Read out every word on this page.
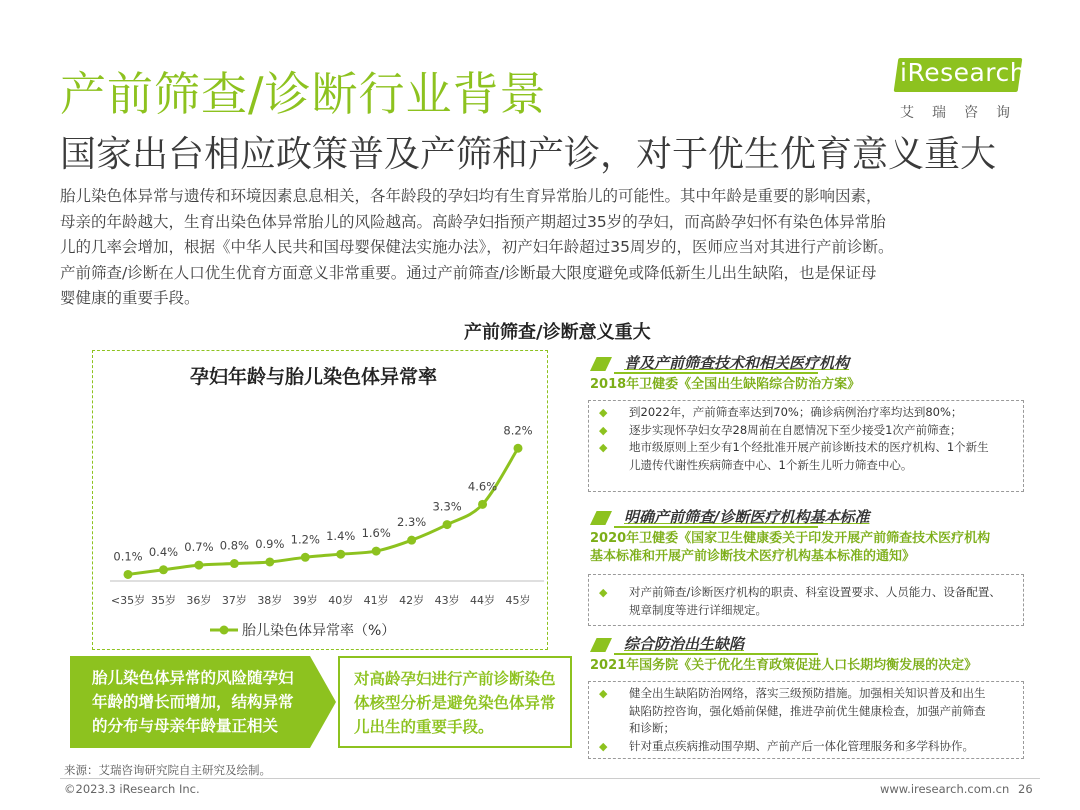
产前筛查/诊断行业背景
国家出台相应政策普及产筛和产诊，对于优生优育意义重大
iResearch
艾瑞咨询

胎儿染色体异常与遗传和环境因素息息相关，各年龄段的孕妇均有生育异常胎儿的可能性。其中年龄是重要的影响因素，

母亲的年龄越大，生育出染色体异常胎儿的风险越高。高龄孕妇指预产期超过35岁的孕妇，而高龄孕妇怀有染色体异常胎

儿的几率会增加，根据《中华人民共和国母婴保健法实施办法》，初产妇年龄超过35周岁的，医师应当对其进行产前诊断。

产前筛查/诊断在人口优生优育方面意义非常重要。通过产前筛查/诊断最大限度避免或降低新生儿出生缺陷，也是保证母

婴健康的重要手段。

产前筛查/诊断意义重大
孕妇年龄与胎儿染色体异常率
0.1%
<35岁
0.4%
35岁
0.7%
36岁
0.8%
37岁
0.9%
38岁
1.2%
39岁
1.4%
40岁
1.6%
41岁
2.3%
42岁
3.3%
43岁
4.6%
44岁
8.2%
45岁
胎儿染色体异常率（%）
胎儿染色体异常的风险随孕妇
年龄的增长而增加，结构异常
的分布与母亲年龄量正相关
对高龄孕妇进行产前诊断染色
体核型分析是避免染色体异常
儿出生的重要手段。
普及产前筛查技术和相关医疗机构
2018年卫健委《全国出生缺陷综合防治方案》
◆ 到2022年，产前筛查率达到70%；确诊病例治疗率均达到80%；
◆ 逐步实现怀孕妇女孕28周前在自愿情况下至少接受1次产前筛查；
◆ 地市级原则上至少有1个经批准开展产前诊断技术的医疗机构、1个新生
儿遗传代谢性疾病筛查中心、1个新生儿听力筛查中心。
明确产前筛查/诊断医疗机构基本标准
2020年卫健委《国家卫生健康委关于印发开展产前筛查技术医疗机构
基本标准和开展产前诊断技术医疗机构基本标准的通知》
◆ 对产前筛查/诊断医疗机构的职责、科室设置要求、人员能力、设备配置、
规章制度等进行详细规定。
综合防治出生缺陷
2021年国务院《关于优化生育政策促进人口长期均衡发展的决定》
◆ 健全出生缺陷防治网络，落实三级预防措施。加强相关知识普及和出生
缺陷防控咨询，强化婚前保健，推进孕前优生健康检查，加强产前筛查
和诊断；
◆ 针对重点疾病推动围孕期、产前产后一体化管理服务和多学科协作。
来源：艾瑞咨询研究院自主研究及绘制。
©2023.3 iResearch Inc.	www.iresearch.com.cn 26
